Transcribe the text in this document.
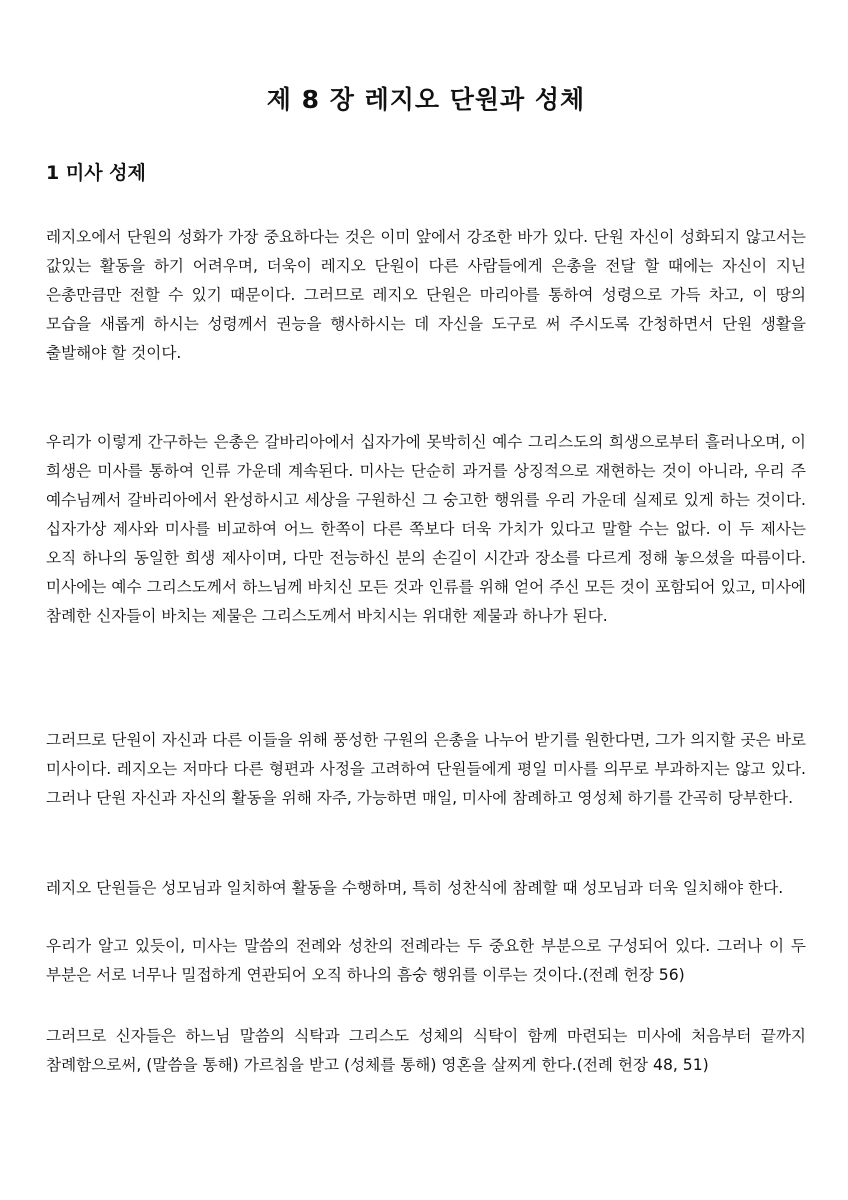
제 8 장 레지오 단원과 성체
1 미사 성제

레지오에서 단원의 성화가 가장 중요하다는 것은 이미 앞에서 강조한 바가 있다. 단원 자신이 성화되지 않고서는 값있는 활동을 하기 어려우며, 더욱이 레지오 단원이 다른 사람들에게 은총을 전달 할 때에는 자신이 지닌 은총만큼만 전할 수 있기 때문이다. 그러므로 레지오 단원은 마리아를 통하여 성령으로 가득 차고, 이 땅의 모습을 새롭게 하시는 성령께서 권능을 행사하시는 데 자신을 도구로 써 주시도록 간청하면서 단원 생활을 출발해야 할 것이다.

우리가 이렇게 간구하는 은총은 갈바리아에서 십자가에 못박히신 예수 그리스도의 희생으로부터 흘러나오며, 이 희생은 미사를 통하여 인류 가운데 계속된다. 미사는 단순히 과거를 상징적으로 재현하는 것이 아니라, 우리 주 예수님께서 갈바리아에서 완성하시고 세상을 구원하신 그 숭고한 행위를 우리 가운데 실제로 있게 하는 것이다. 십자가상 제사와 미사를 비교하여 어느 한쪽이 다른 쪽보다 더욱 가치가 있다고 말할 수는 없다. 이 두 제사는 오직 하나의 동일한 희생 제사이며, 다만 전능하신 분의 손길이 시간과 장소를 다르게 정해 놓으셨을 따름이다. 미사에는 예수 그리스도께서 하느님께 바치신 모든 것과 인류를 위해 얻어 주신 모든 것이 포함되어 있고, 미사에 참례한 신자들이 바치는 제물은 그리스도께서 바치시는 위대한 제물과 하나가 된다.

그러므로 단원이 자신과 다른 이들을 위해 풍성한 구원의 은총을 나누어 받기를 원한다면, 그가 의지할 곳은 바로 미사이다. 레지오는 저마다 다른 형편과 사정을 고려하여 단원들에게 평일 미사를 의무로 부과하지는 않고 있다. 그러나 단원 자신과 자신의 활동을 위해 자주, 가능하면 매일, 미사에 참례하고 영성체 하기를 간곡히 당부한다.

레지오 단원들은 성모님과 일치하여 활동을 수행하며, 특히 성찬식에 참례할 때 성모님과 더욱 일치해야 한다.

우리가 알고 있듯이, 미사는 말씀의 전례와 성찬의 전례라는 두 중요한 부분으로 구성되어 있다. 그러나 이 두 부분은 서로 너무나 밀접하게 연관되어 오직 하나의 흠숭 행위를 이루는 것이다.(전례 헌장 56)

그러므로 신자들은 하느님 말씀의 식탁과 그리스도 성체의 식탁이 함께 마련되는 미사에 처음부터 끝까지 참례함으로써, (말씀을 통해) 가르침을 받고 (성체를 통해) 영혼을 살찌게 한다.(전례 헌장 48, 51)
